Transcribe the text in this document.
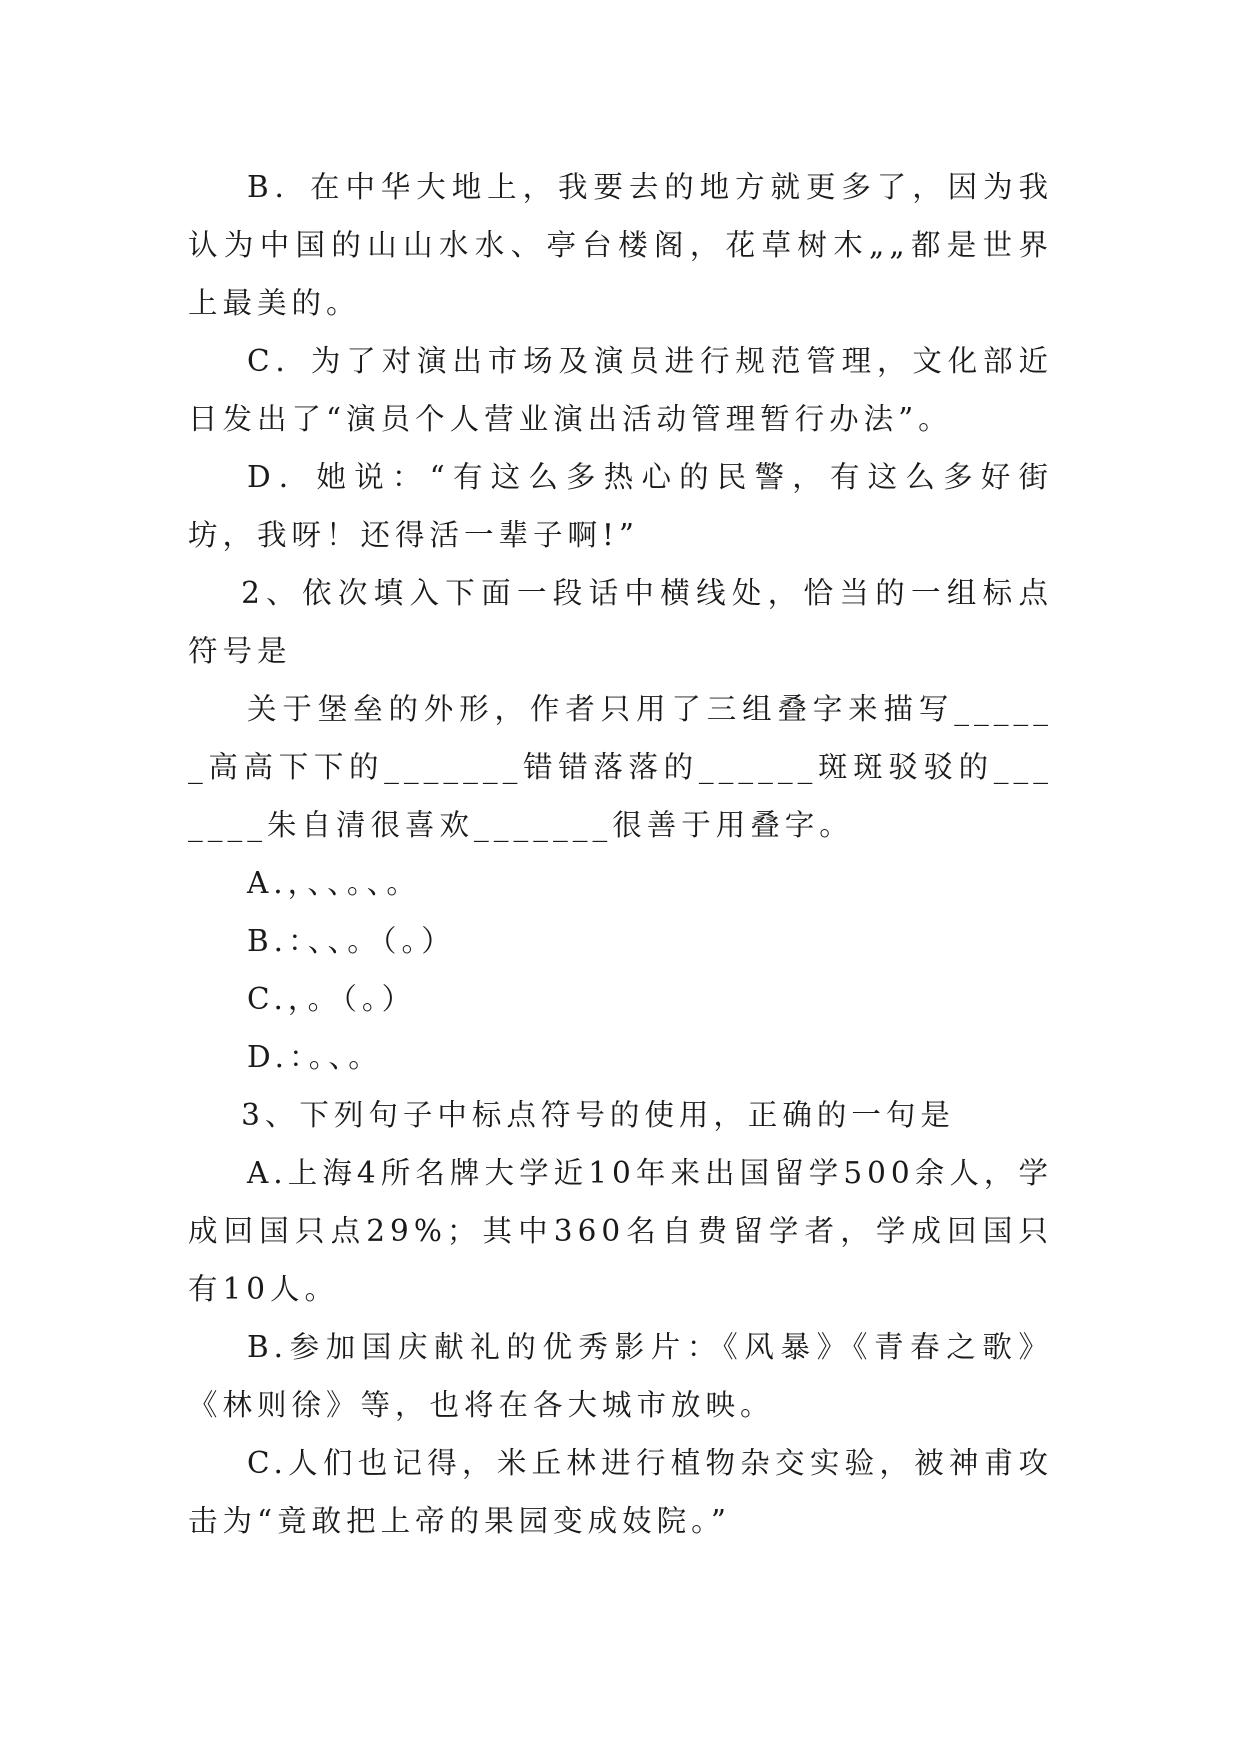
B．在中华大地上，我要去的地方就更多了，因为我认为中国的山山水水、亭台楼阁，花草树木„„都是世界上最美的。

C．为了对演出市场及演员进行规范管理，文化部近日发出了“演员个人营业演出活动管理暂行办法”。

D．她说：“有这么多热心的民警，有这么多好街坊，我呀！还得活一辈子啊!”

2、依次填入下面一段话中横线处，恰当的一组标点符号是

关于堡垒的外形，作者只用了三组叠字来描写______高高下下的_______错错落落的______斑斑驳驳的_______朱自清很喜欢_______很善于用叠字。

A.，、、。、。

B.：、、。（。）

C.，。（。）

D.：。、。

3、下列句子中标点符号的使用，正确的一句是

A.上海4所名牌大学近10年来出国留学500余人，学成回国只点29%；其中360名自费留学者，学成回国只有10人。

B.参加国庆献礼的优秀影片：《风暴》《青春之歌》《林则徐》等，也将在各大城市放映。

C.人们也记得，米丘林进行植物杂交实验，被神甫攻击为“竟敢把上帝的果园变成妓院。”
